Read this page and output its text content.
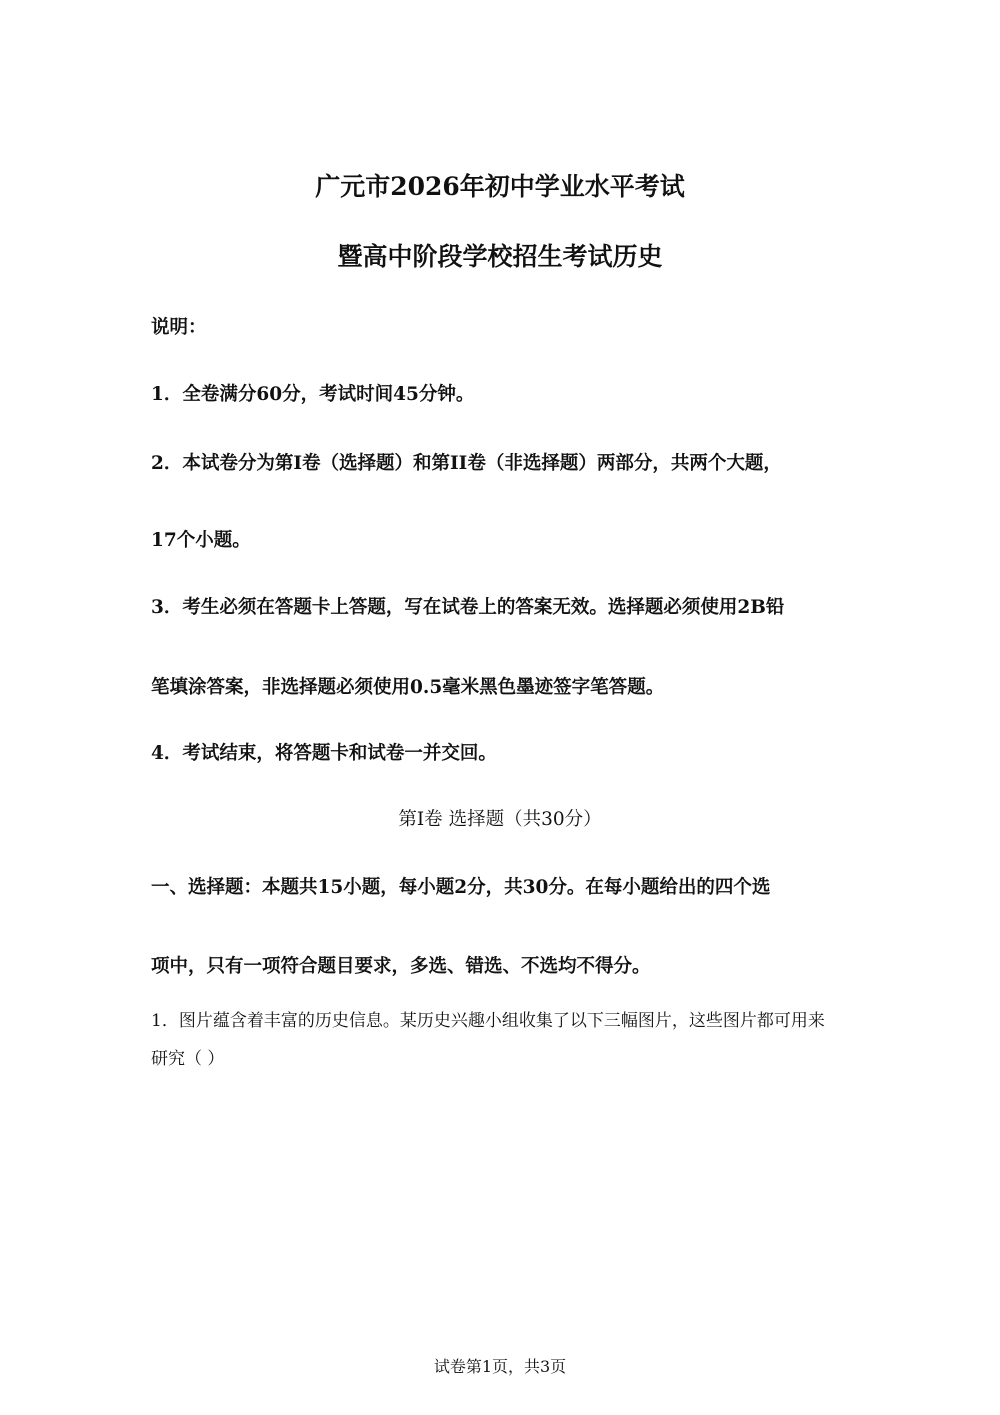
广元市2026年初中学业水平考试
暨高中阶段学校招生考试历史
说明：
1．全卷满分60分，考试时间45分钟。
2．本试卷分为第I卷（选择题）和第II卷（非选择题）两部分，共两个大题，
17个小题。
3．考生必须在答题卡上答题，写在试卷上的答案无效。选择题必须使用2B铅
笔填涂答案，非选择题必须使用0.5毫米黑色墨迹签字笔答题。
4．考试结束，将答题卡和试卷一并交回。
第I卷 选择题（共30分）
一、选择题：本题共15小题，每小题2分，共30分。在每小题给出的四个选
项中，只有一项符合题目要求，多选、错选、不选均不得分。
1．图片蕴含着丰富的历史信息。某历史兴趣小组收集了以下三幅图片，这些图片都可用来
研究（ ）
试卷第1页，共3页
